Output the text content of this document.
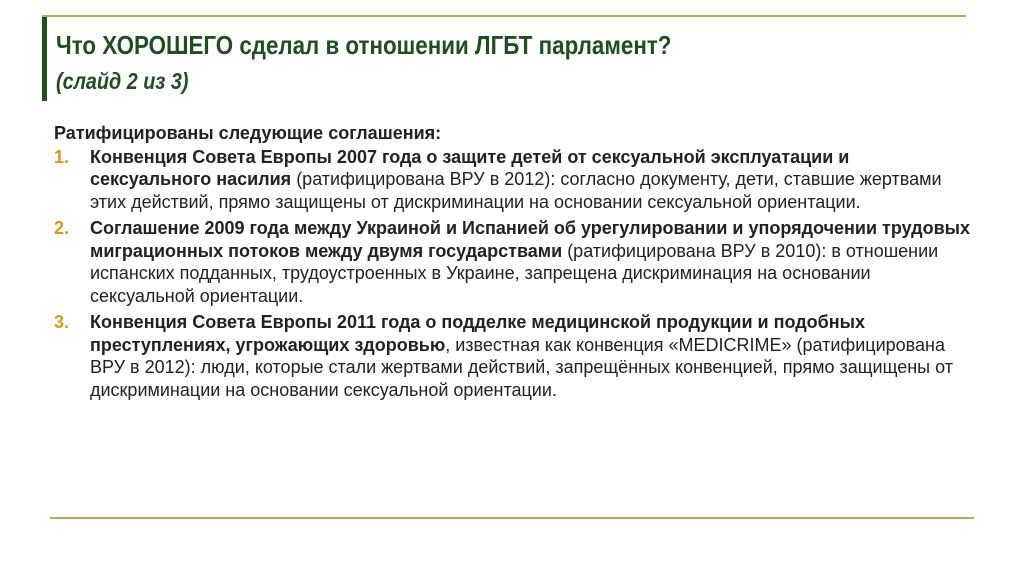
Что ХОРОШЕГО сделал в отношении ЛГБТ парламент?
(слайд 2 из 3)
Ратифицированы следующие соглашения:
1. Конвенция Совета Европы 2007 года о защите детей от сексуальной эксплуатации и сексуального насилия (ратифицирована ВРУ в 2012): согласно документу, дети, ставшие жертвами этих действий, прямо защищены от дискриминации на основании сексуальной ориентации.
2. Соглашение 2009 года между Украиной и Испанией об урегулировании и упорядочении трудовых миграционных потоков между двумя государствами (ратифицирована ВРУ в 2010): в отношении испанских подданных, трудоустроенных в Украине, запрещена дискриминация на основании сексуальной ориентации.
3. Конвенция Совета Европы 2011 года о подделке медицинской продукции и подобных преступлениях, угрожающих здоровью, известная как конвенция «MEDICRIME» (ратифицирована ВРУ в 2012): люди, которые стали жертвами действий, запрещённых конвенцией, прямо защищены от дискриминации на основании сексуальной ориентации.
